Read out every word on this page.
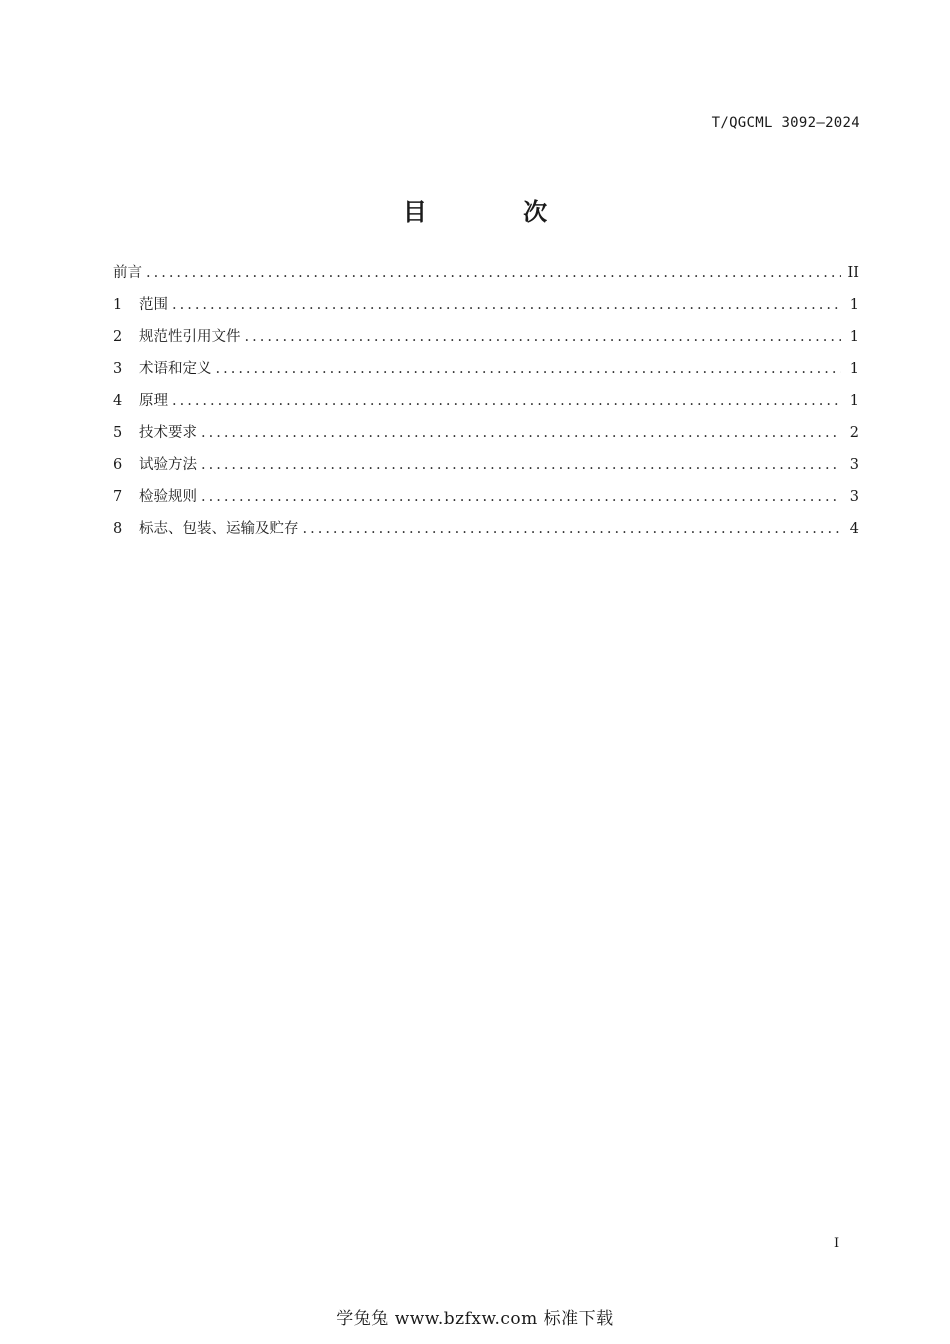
T/QGCML 3092—2024
目 次
前言 .....	II
1	范围 .....	1
2	规范性引用文件 .....	1
3	术语和定义 .....	1
4	原理 .....	1
5	技术要求 .....	2
6	试验方法 .....	3
7	检验规则 .....	3
8	标志、包装、运输及贮存 .....	4
I
学兔兔 www.bzfxw.com 标准下载
